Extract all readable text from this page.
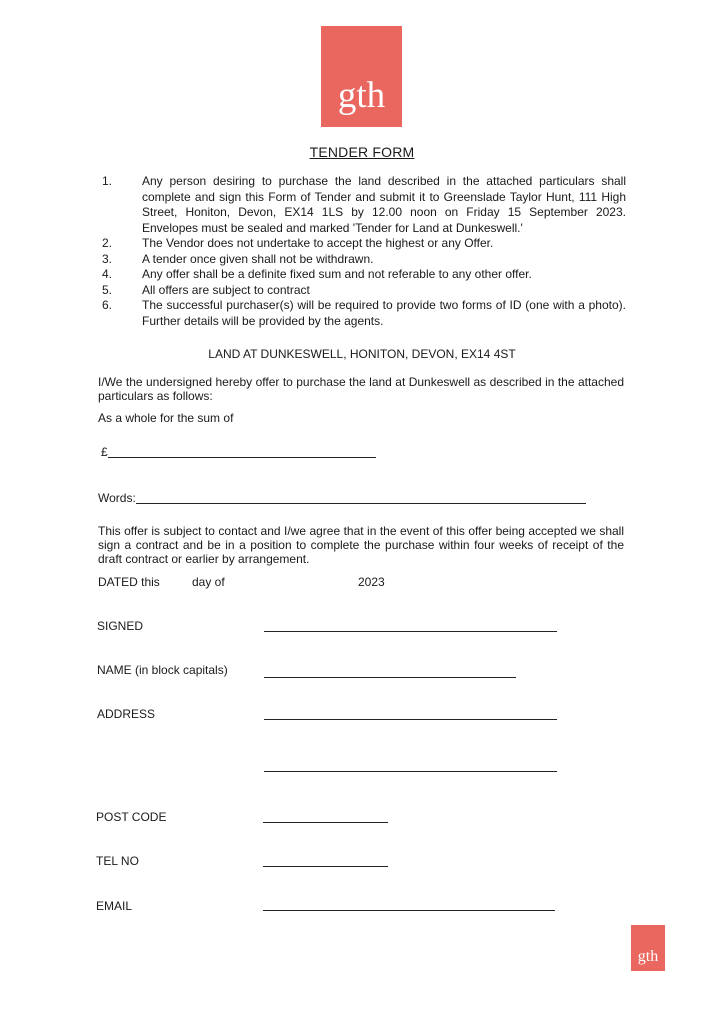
gth
TENDER FORM
1. Any person desiring to purchase the land described in the attached particulars shall complete and sign this Form of Tender and submit it to Greenslade Taylor Hunt, 111 High Street, Honiton, Devon, EX14 1LS by 12.00 noon on Friday 15 September 2023. Envelopes must be sealed and marked 'Tender for Land at Dunkeswell.'
2. The Vendor does not undertake to accept the highest or any Offer.
3. A tender once given shall not be withdrawn.
4. Any offer shall be a definite fixed sum and not referable to any other offer.
5. All offers are subject to contract
6. The successful purchaser(s) will be required to provide two forms of ID (one with a photo). Further details will be provided by the agents.
LAND AT DUNKESWELL, HONITON, DEVON, EX14 4ST
I/We the undersigned hereby offer to purchase the land at Dunkeswell as described in the attached particulars as follows:
As a whole for the sum of
£
Words:
This offer is subject to contact and I/we agree that in the event of this offer being accepted we shall sign a contract and be in a position to complete the purchase within four weeks of receipt of the draft contract or earlier by arrangement.
DATED this	day of	2023
SIGNED
NAME (in block capitals)
ADDRESS
POST CODE
TEL NO
EMAIL
gth
